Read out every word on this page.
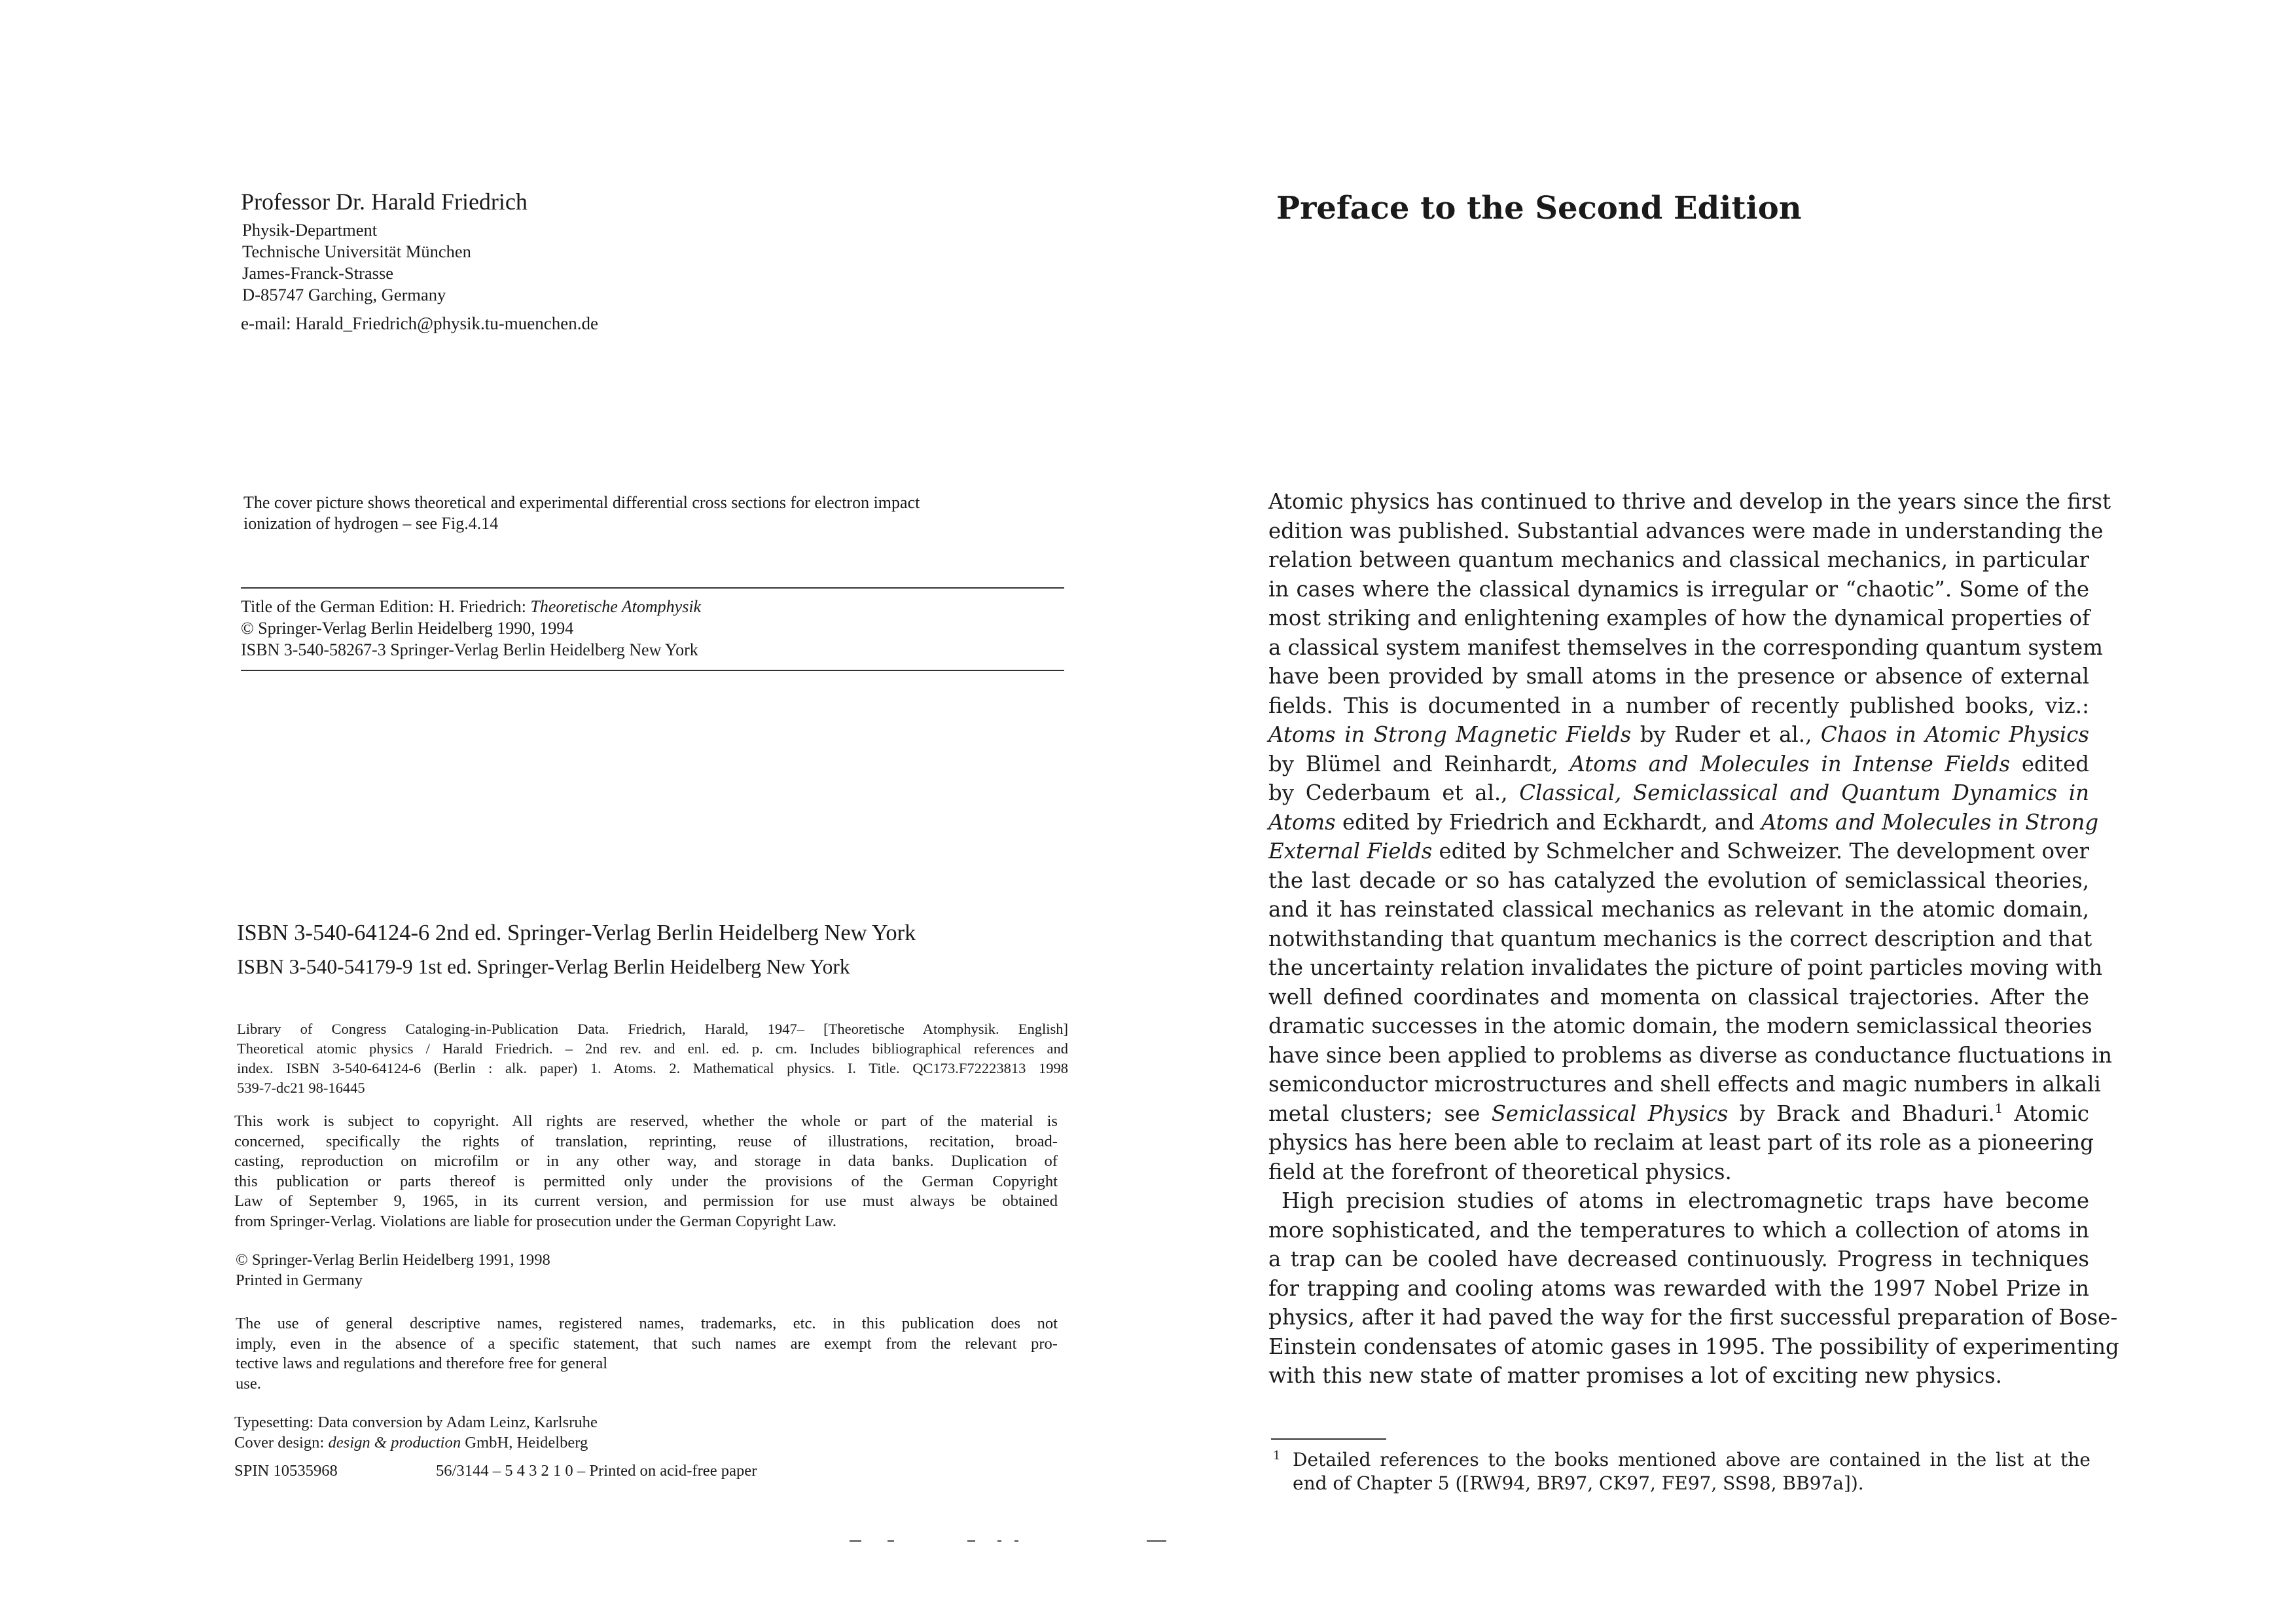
Professor Dr. Harald Friedrich
Physik-Department
Technische Universität München
James-Franck-Strasse
D-85747 Garching, Germany
e-mail: Harald_Friedrich@physik.tu-muenchen.de
The cover picture shows theoretical and experimental differential cross sections for electron impact
ionization of hydrogen – see Fig.4.14
Title of the German Edition: H. Friedrich: Theoretische Atomphysik
© Springer-Verlag Berlin Heidelberg 1990, 1994
ISBN 3-540-58267-3 Springer-Verlag Berlin Heidelberg New York
ISBN 3-540-64124-6 2nd ed. Springer-Verlag Berlin Heidelberg New York
ISBN 3-540-54179-9 1st ed. Springer-Verlag Berlin Heidelberg New York
Library of Congress Cataloging-in-Publication Data. Friedrich, Harald, 1947– [Theoretische Atomphysik. English]
Theoretical atomic physics / Harald Friedrich. – 2nd rev. and enl. ed. p. cm. Includes bibliographical references and
index. ISBN 3-540-64124-6 (Berlin : alk. paper) 1. Atoms. 2. Mathematical physics. I. Title. QC173.F72223813 1998
539-7-dc21 98-16445
This work is subject to copyright. All rights are reserved, whether the whole or part of the material is
concerned, specifically the rights of translation, reprinting, reuse of illustrations, recitation, broad-
casting, reproduction on microfilm or in any other way, and storage in data banks. Duplication of
this publication or parts thereof is permitted only under the provisions of the German Copyright
Law of September 9, 1965, in its current version, and permission for use must always be obtained
from Springer-Verlag. Violations are liable for prosecution under the German Copyright Law.
© Springer-Verlag Berlin Heidelberg 1991, 1998
Printed in Germany
The use of general descriptive names, registered names, trademarks, etc. in this publication does not
imply, even in the absence of a specific statement, that such names are exempt from the relevant pro-
tective laws and regulations and therefore free for general
use.
Typesetting: Data conversion by Adam Leinz, Karlsruhe
Cover design: design & production GmbH, Heidelberg
SPIN 10535968	56/3144 – 5 4 3 2 1 0 – Printed on acid-free paper
Preface to the Second Edition
Atomic physics has continued to thrive and develop in the years since the first
edition was published. Substantial advances were made in understanding the
relation between quantum mechanics and classical mechanics, in particular
in cases where the classical dynamics is irregular or “chaotic”. Some of the
most striking and enlightening examples of how the dynamical properties of
a classical system manifest themselves in the corresponding quantum system
have been provided by small atoms in the presence or absence of external
fields. This is documented in a number of recently published books, viz.:
Atoms in Strong Magnetic Fields by Ruder et al., Chaos in Atomic Physics
by Blümel and Reinhardt, Atoms and Molecules in Intense Fields edited
by Cederbaum et al., Classical, Semiclassical and Quantum Dynamics in
Atoms edited by Friedrich and Eckhardt, and Atoms and Molecules in Strong
External Fields edited by Schmelcher and Schweizer. The development over
the last decade or so has catalyzed the evolution of semiclassical theories,
and it has reinstated classical mechanics as relevant in the atomic domain,
notwithstanding that quantum mechanics is the correct description and that
the uncertainty relation invalidates the picture of point particles moving with
well defined coordinates and momenta on classical trajectories. After the
dramatic successes in the atomic domain, the modern semiclassical theories
have since been applied to problems as diverse as conductance fluctuations in
semiconductor microstructures and shell effects and magic numbers in alkali
metal clusters; see Semiclassical Physics by Brack and Bhaduri.$^1$ Atomic
physics has here been able to reclaim at least part of its role as a pioneering
field at the forefront of theoretical physics.
High precision studies of atoms in electromagnetic traps have become
more sophisticated, and the temperatures to which a collection of atoms in
a trap can be cooled have decreased continuously. Progress in techniques
for trapping and cooling atoms was rewarded with the 1997 Nobel Prize in
physics, after it had paved the way for the first successful preparation of Bose-
Einstein condensates of atomic gases in 1995. The possibility of experimenting
with this new state of matter promises a lot of exciting new physics.
1 Detailed references to the books mentioned above are contained in the list at the
end of Chapter 5 ([RW94, BR97, CK97, FE97, SS98, BB97a]).
